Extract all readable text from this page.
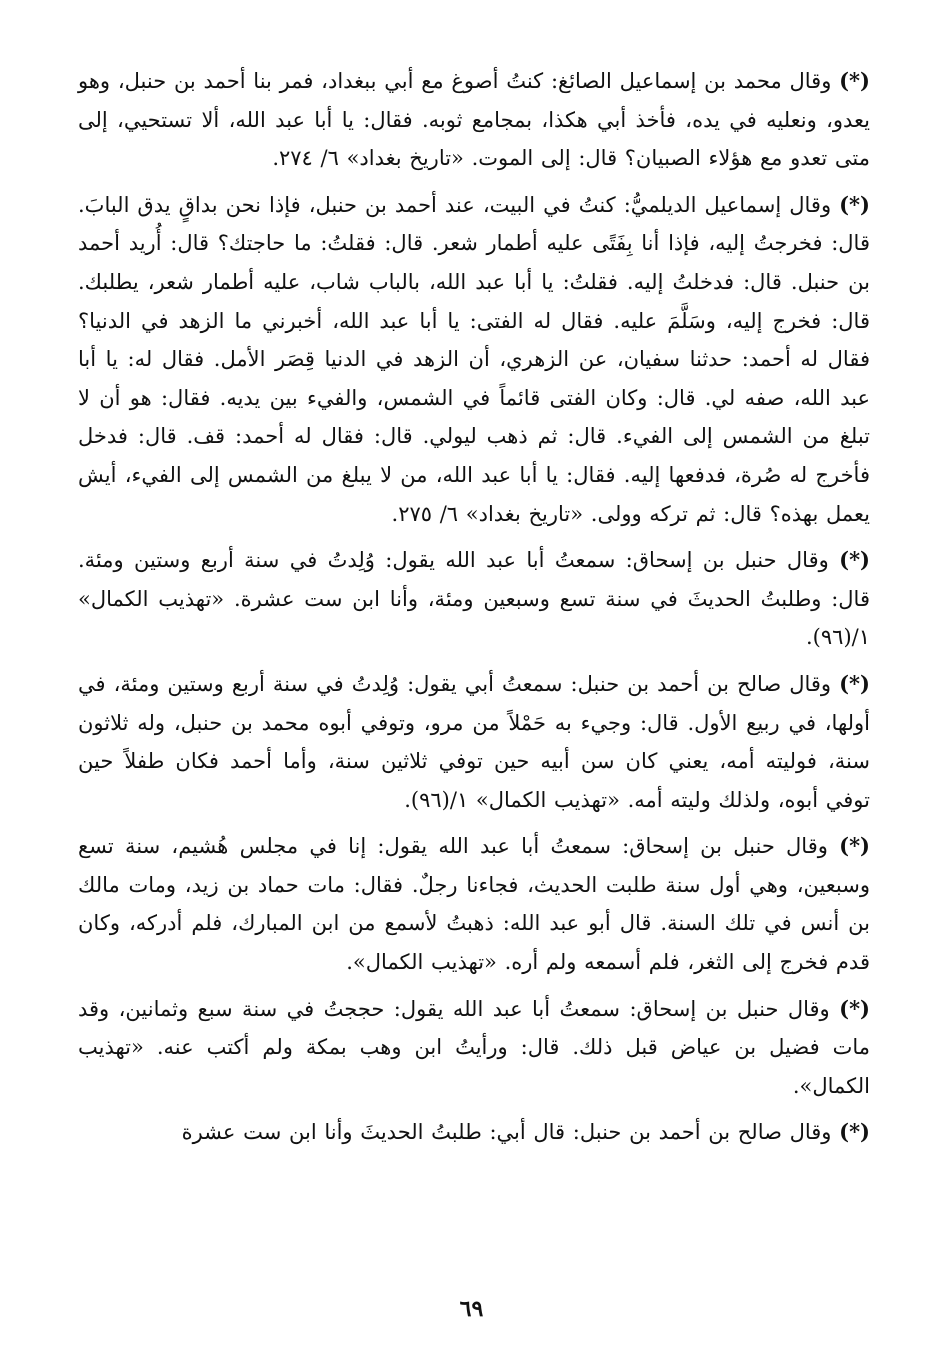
(*) وقال محمد بن إسماعيل الصائغ: كنتُ أصوغ مع أبي ببغداد، فمر بنا أحمد بن حنبل، وهو يعدو، ونعليه في يده، فأخذ أبي هكذا، بمجامع ثوبه. فقال: يا أبا عبد الله، ألا تستحيي، إلى متى تعدو مع هؤلاء الصبيان؟ قال: إلى الموت. «تاريخ بغداد» ٦/ ٢٧٤.

(*) وقال إسماعيل الديلميُّ: كنتُ في البيت، عند أحمد بن حنبل، فإذا نحن بداقٍ يدق البابَ. قال: فخرجتُ إليه، فإذا أنا بِفَتًى عليه أطمار شعر. قال: فقلتُ: ما حاجتك؟ قال: أُريد أحمد بن حنبل. قال: فدخلتُ إليه. فقلتُ: يا أبا عبد الله، بالباب شاب، عليه أطمار شعر، يطلبك. قال: فخرج إليه، وسَلَّمَ عليه. فقال له الفتى: يا أبا عبد الله، أخبرني ما الزهد في الدنيا؟ فقال له أحمد: حدثنا سفيان، عن الزهري، أن الزهد في الدنيا قِصَر الأمل. فقال له: يا أبا عبد الله، صفه لي. قال: وكان الفتى قائماً في الشمس، والفيء بين يديه. فقال: هو أن لا تبلغ من الشمس إلى الفيء. قال: ثم ذهب ليولي. قال: فقال له أحمد: قف. قال: فدخل فأخرج له صُرة، فدفعها إليه. فقال: يا أبا عبد الله، من لا يبلغ من الشمس إلى الفيء، أيش يعمل بهذه؟ قال: ثم تركه وولى. «تاريخ بغداد» ٦/ ٢٧٥.

(*) وقال حنبل بن إسحاق: سمعتُ أبا عبد الله يقول: وُلِدتُ في سنة أربع وستين ومئة. قال: وطلبتُ الحديثَ في سنة تسع وسبعين ومئة، وأنا ابن ست عشرة. «تهذيب الكمال» ١/(٩٦).

(*) وقال صالح بن أحمد بن حنبل: سمعتُ أبي يقول: وُلِدتُ في سنة أربع وستين ومئة، في أولها، في ربيع الأول. قال: وجيء به حَمْلاً من مرو، وتوفي أبوه محمد بن حنبل، وله ثلاثون سنة، فوليته أمه، يعني كان سن أبيه حين توفي ثلاثين سنة، وأما أحمد فكان طفلاً حين توفي أبوه، ولذلك وليته أمه. «تهذيب الكمال» ١/(٩٦).

(*) وقال حنبل بن إسحاق: سمعتُ أبا عبد الله يقول: إنا في مجلس هُشيم، سنة تسع وسبعين، وهي أول سنة طلبت الحديث، فجاءنا رجلٌ. فقال: مات حماد بن زيد، ومات مالك بن أنس في تلك السنة. قال أبو عبد الله: ذهبتُ لأسمع من ابن المبارك، فلم أدركه، وكان قدم فخرج إلى الثغر، فلم أسمعه ولم أره. «تهذيب الكمال».

(*) وقال حنبل بن إسحاق: سمعتُ أبا عبد الله يقول: حججتُ في سنة سبع وثمانين، وقد مات فضيل بن عياض قبل ذلك. قال: ورأيتُ ابن وهب بمكة ولم أكتب عنه. «تهذيب الكمال».

(*) وقال صالح بن أحمد بن حنبل: قال أبي: طلبتُ الحديثَ وأنا ابن ست عشرة

٦٩
